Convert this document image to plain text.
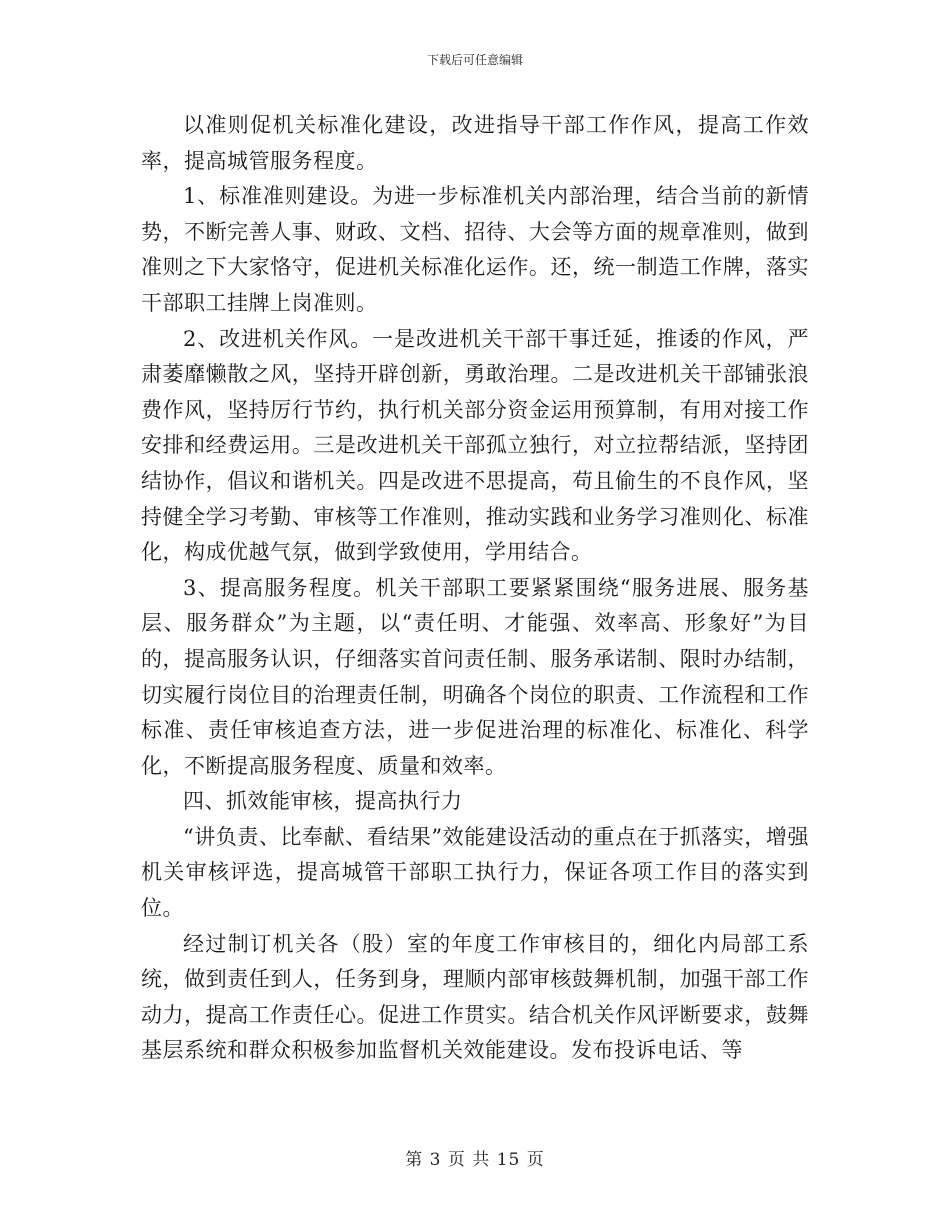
下载后可任意编辑

以准则促机关标准化建设，改进指导干部工作作风，提高工作效率，提高城管服务程度。

1、标准准则建设。为进一步标准机关内部治理，结合当前的新情势，不断完善人事、财政、文档、招待、大会等方面的规章准则，做到准则之下大家恪守，促进机关标准化运作。还，统一制造工作牌，落实干部职工挂牌上岗准则。

2、改进机关作风。一是改进机关干部干事迁延，推诿的作风，严肃萎靡懒散之风，坚持开辟创新，勇敢治理。二是改进机关干部铺张浪费作风，坚持厉行节约，执行机关部分资金运用预算制，有用对接工作安排和经费运用。三是改进机关干部孤立独行，对立拉帮结派，坚持团结协作，倡议和谐机关。四是改进不思提高，苟且偷生的不良作风，坚持健全学习考勤、审核等工作准则，推动实践和业务学习准则化、标准化，构成优越气氛，做到学致使用，学用结合。

3、提高服务程度。机关干部职工要紧紧围绕“服务进展、服务基层、服务群众”为主题，以“责任明、才能强、效率高、形象好”为目的，提高服务认识，仔细落实首问责任制、服务承诺制、限时办结制，切实履行岗位目的治理责任制，明确各个岗位的职责、工作流程和工作标准、责任审核追查方法，进一步促进治理的标准化、标准化、科学化，不断提高服务程度、质量和效率。

四、抓效能审核，提高执行力

“讲负责、比奉献、看结果”效能建设活动的重点在于抓落实，增强机关审核评选，提高城管干部职工执行力，保证各项工作目的落实到位。

经过制订机关各（股）室的年度工作审核目的，细化内局部工系统，做到责任到人，任务到身，理顺内部审核鼓舞机制，加强干部工作动力，提高工作责任心。促进工作贯实。结合机关作风评断要求，鼓舞基层系统和群众积极参加监督机关效能建设。发布投诉电话、等

第 3 页 共 15 页
